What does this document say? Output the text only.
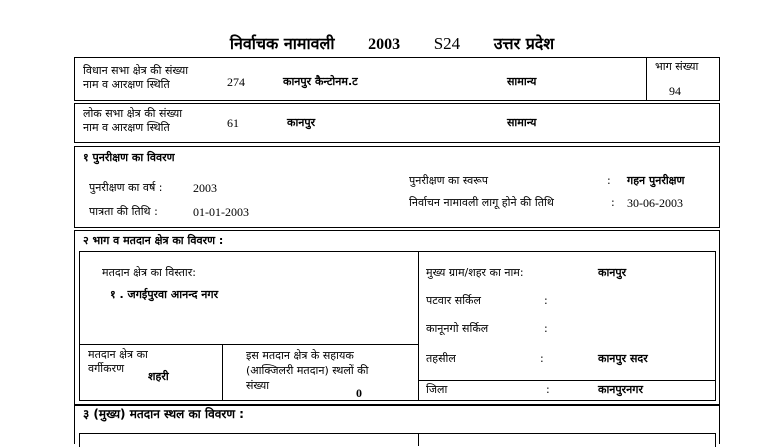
निर्वाचक नामावली 2003 S24 उत्तर प्रदेश
विधान सभा क्षेत्र की संख्या
नाम व आरक्षण स्थिति	274	कानपुर कैन्टोनम.ट	सामान्य
भाग संख्या
94
लोक सभा क्षेत्र की संख्या
नाम व आरक्षण स्थिति	61	कानपुर	सामान्य
१ पुनरीक्षण का विवरण
पुनरीक्षण का वर्ष :	2003
पात्रता की तिथि :	01-01-2003
पुनरीक्षण का स्वरूप	: गहन पुनरीक्षण
निर्वाचन नामावली लागू होने की तिथि	: 30-06-2003
२ भाग व मतदान क्षेत्र का विवरण :
मतदान क्षेत्र का विस्तार:
१ . जगईपुरवा आनन्द नगर
मतदान क्षेत्र का
वर्गीकरण
शहरी
इस मतदान क्षेत्र के सहायक
(आक्जिलरी मतदान) स्थलों की
संख्या
0
मुख्य ग्राम/शहर का नाम:	कानपुर
पटवार सर्किल	:
कानूनगो सर्किल	:
तहसील	:	कानपुर सदर
जिला	:	कानपुरनगर
३ (मुख्य) मतदान स्थल का विवरण :
